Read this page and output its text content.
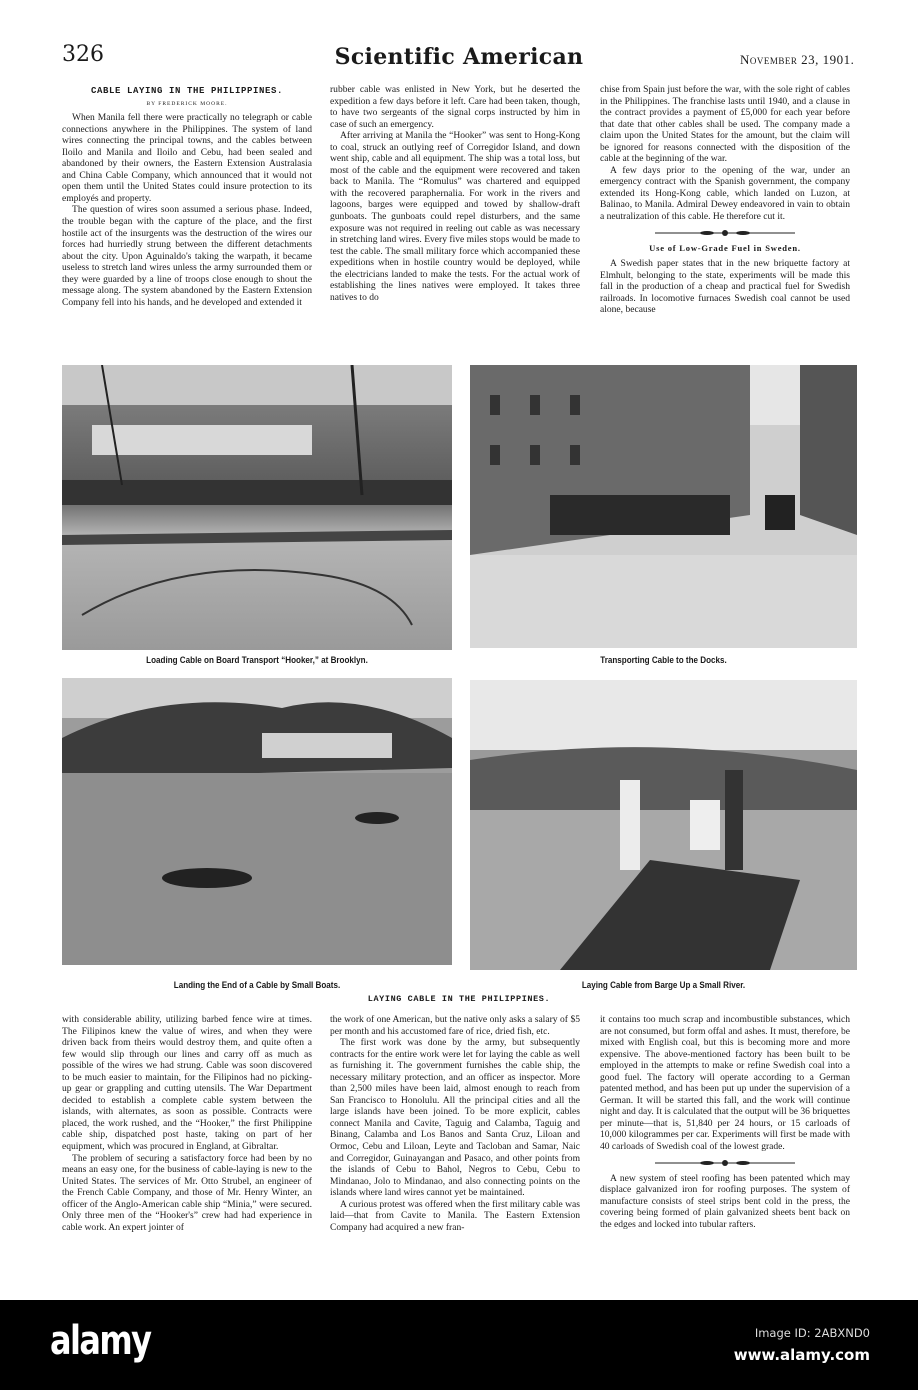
326	Scientific American	November 23, 1901.
CABLE LAYING IN THE PHILIPPINES.
BY FREDERICK MOORE.

When Manila fell there were practically no telegraph or cable connections anywhere in the Philippines. The system of land wires connecting the principal towns, and the cables between Iloilo and Manila and Iloilo and Cebu, had been sealed and abandoned by their owners, the Eastern Extension Australasia and China Cable Company, which announced that it would not open them until the United States could insure protection to its employés and property.

The question of wires soon assumed a serious phase. Indeed, the trouble began with the capture of the place, and the first hostile act of the insurgents was the destruction of the wires our forces had hurriedly strung between the different detachments about the city. Upon Aguinaldo's taking the warpath, it became useless to stretch land wires unless the army surrounded them or they were guarded by a line of troops close enough to shout the message along. The system abandoned by the Eastern Extension Company fell into his hands, and he developed and extended it

rubber cable was enlisted in New York, but he deserted the expedition a few days before it left. Care had been taken, though, to have two sergeants of the signal corps instructed by him in case of such an emergency.

After arriving at Manila the “Hooker” was sent to Hong-Kong to coal, struck an outlying reef of Corregidor Island, and down went ship, cable and all equipment. The ship was a total loss, but most of the cable and the equipment were recovered and taken back to Manila. The “Romulus” was chartered and equipped with the recovered paraphernalia. For work in the rivers and lagoons, barges were equipped and towed by shallow-draft gunboats. The gunboats could repel disturbers, and the same exposure was not required in reeling out cable as was necessary in stretching land wires. Every five miles stops would be made to test the cable. The small military force which accompanied these expeditions when in hostile country would be deployed, while the electricians landed to make the tests. For the actual work of establishing the lines natives were employed. It takes three natives to do

chise from Spain just before the war, with the sole right of cables in the Philippines. The franchise lasts until 1940, and a clause in the contract provides a payment of £5,000 for each year before that date that other cables shall be used. The company made a claim upon the United States for the amount, but the claim will be ignored for reasons connected with the disposition of the cable at the beginning of the war.

A few days prior to the opening of the war, under an emergency contract with the Spanish government, the company extended its Hong-Kong cable, which landed on Luzon, at Balinao, to Manila. Admiral Dewey endeavored in vain to obtain a neutralization of this cable. He therefore cut it.

Use of Low-Grade Fuel in Sweden.

A Swedish paper states that in the new briquette factory at Elmhult, belonging to the state, experiments will be made this fall in the production of a cheap and practical fuel for Swedish railroads. In locomotive furnaces Swedish coal cannot be used alone, because

Loading Cable on Board Transport “Hooker,” at Brooklyn.	Transporting Cable to the Docks.
Landing the End of a Cable by Small Boats.	Laying Cable from Barge Up a Small River.
LAYING CABLE IN THE PHILIPPINES.

with considerable ability, utilizing barbed fence wire at times. The Filipinos knew the value of wires, and when they were driven back from theirs would destroy them, and quite often a few would slip through our lines and carry off as much as possible of the wires we had strung. Cable was soon discovered to be much easier to maintain, for the Filipinos had no picking-up gear or grappling and cutting utensils. The War Department decided to establish a complete cable system between the islands, with alternates, as soon as possible. Contracts were placed, the work rushed, and the “Hooker,” the first Philippine cable ship, dispatched post haste, taking on part of her equipment, which was procured in England, at Gibraltar.

The problem of securing a satisfactory force had been by no means an easy one, for the business of cable-laying is new to the United States. The services of Mr. Otto Strubel, an engineer of the French Cable Company, and those of Mr. Henry Winter, an officer of the Anglo-American cable ship “Minia,” were secured. Only three men of the “Hooker's” crew had had experience in cable work. An expert jointer of

the work of one American, but the native only asks a salary of $5 per month and his accustomed fare of rice, dried fish, etc.

The first work was done by the army, but subsequently contracts for the entire work were let for laying the cable as well as furnishing it. The government furnishes the cable ship, the necessary military protection, and an officer as inspector. More than 2,500 miles have been laid, almost enough to reach from San Francisco to Honolulu. All the principal cities and all the large islands have been joined. To be more explicit, cables connect Manila and Cavite, Taguig and Calamba, Taguig and Binang, Calamba and Los Banos and Santa Cruz, Liloan and Ormoc, Cebu and Liloan, Leyte and Tacloban and Samar, Naic and Corregidor, Guinayangan and Pasaco, and other points from the islands of Cebu to Bahol, Negros to Cebu, Cebu to Mindanao, Jolo to Mindanao, and also connecting points on the islands where land wires cannot yet be maintained.

A curious protest was offered when the first military cable was laid—that from Cavite to Manila. The Eastern Extension Company had acquired a new fran-

it contains too much scrap and incombustible substances, which are not consumed, but form offal and ashes. It must, therefore, be mixed with English coal, but this is becoming more and more expensive. The above-mentioned factory has been built to be employed in the attempts to make or refine Swedish coal into a good fuel. The factory will operate according to a German patented method, and has been put up under the supervision of a German. It will be started this fall, and the work will continue night and day. It is calculated that the output will be 36 briquettes per minute—that is, 51,840 per 24 hours, or 15 carloads of 10,000 kilogrammes per car. Experiments will first be made with 40 carloads of Swedish coal of the lowest grade.

A new system of steel roofing has been patented which may displace galvanized iron for roofing purposes. The system of manufacture consists of steel strips bent cold in the press, the covering being formed of plain galvanized sheets bent back on the edges and locked into tubular rafters.

alamy	Image ID: 2ABXND0
www.alamy.com
